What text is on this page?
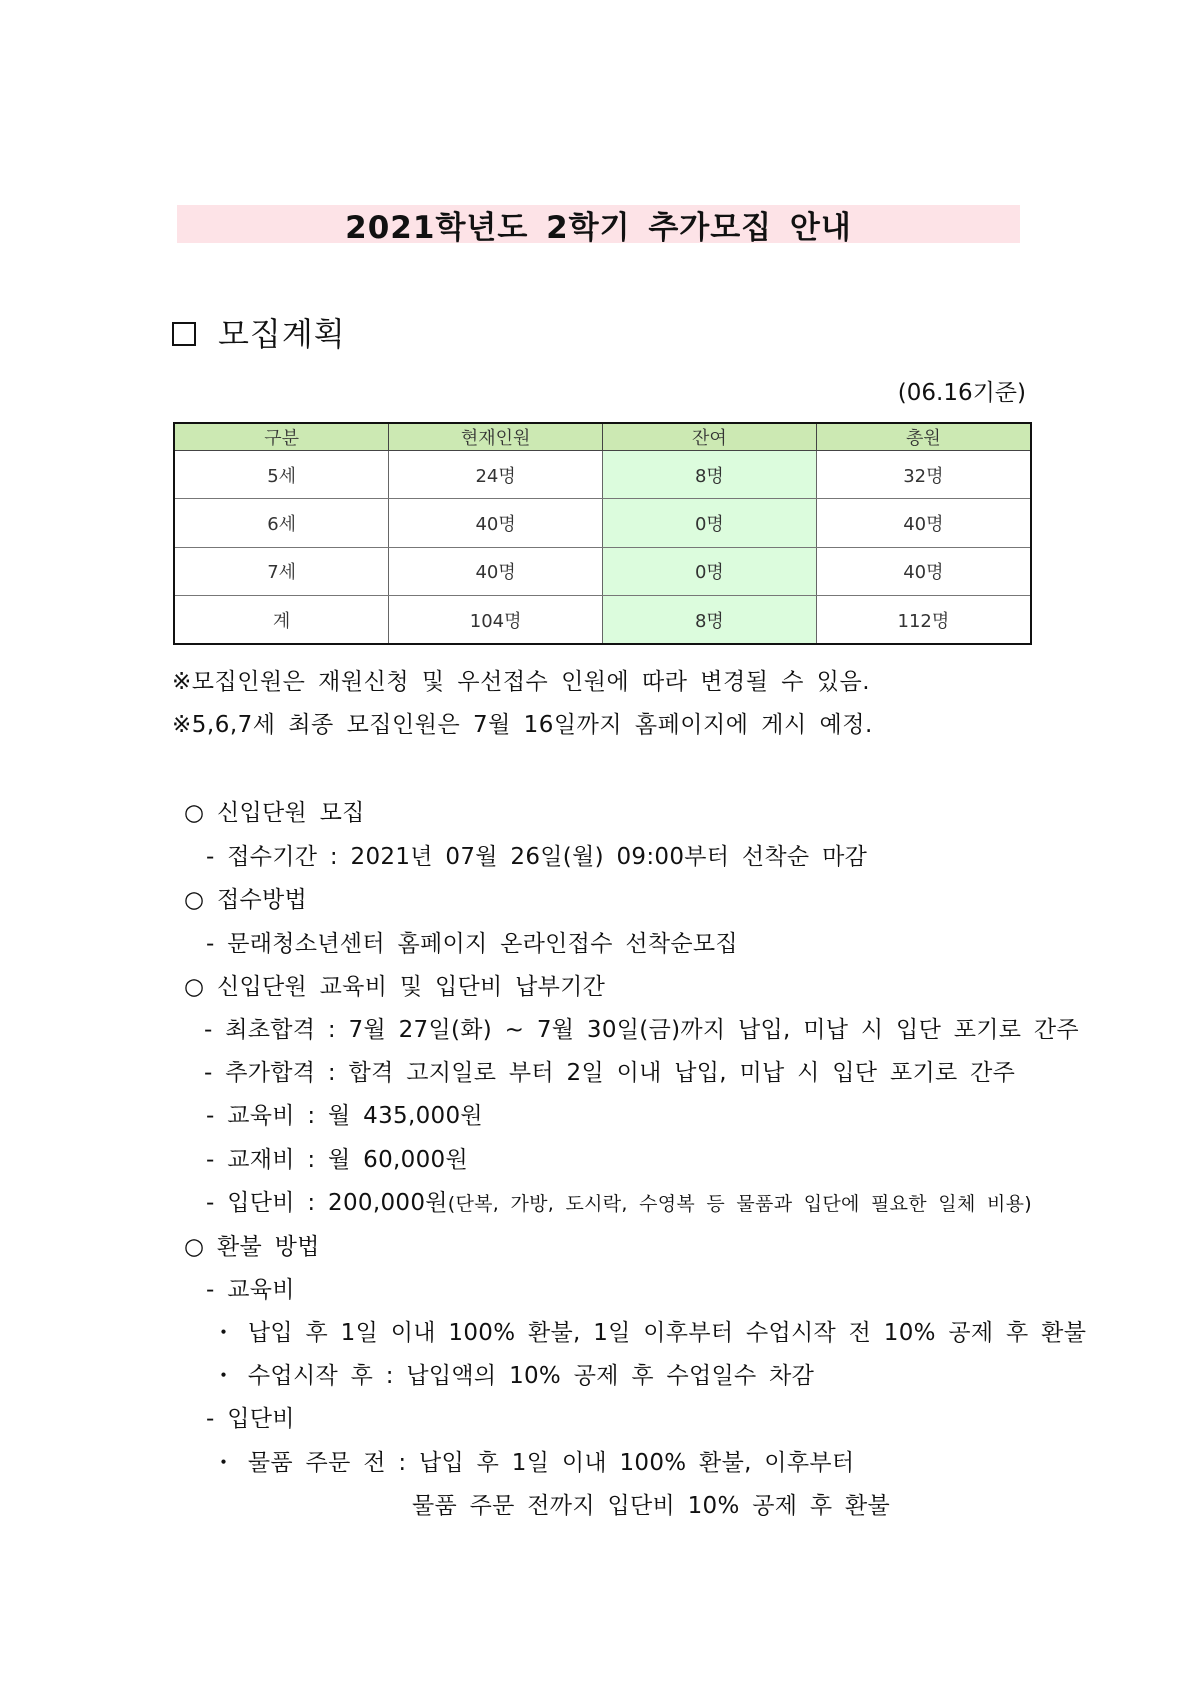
2021학년도 2학기 추가모집 안내
모집계획
(06.16기준)
구분	현재인원	잔여	총원
5세	24명	8명	32명
6세	40명	0명	40명
7세	40명	0명	40명
계	104명	8명	112명
※모집인원은 재원신청 및 우선접수 인원에 따라 변경될 수 있음.
※5,6,7세 최종 모집인원은 7월 16일까지 홈페이지에 게시 예정.
○ 신입단원 모집
- 접수기간 : 2021년 07월 26일(월) 09:00부터 선착순 마감
○ 접수방법
- 문래청소년센터 홈페이지 온라인접수 선착순모집
○ 신입단원 교육비 및 입단비 납부기간
- 최초합격 : 7월 27일(화) ~ 7월 30일(금)까지 납입, 미납 시 입단 포기로 간주
- 추가합격 : 합격 고지일로 부터 2일 이내 납입, 미납 시 입단 포기로 간주
- 교육비 : 월 435,000원
- 교재비 : 월 60,000원
- 입단비 : 200,000원(단복, 가방, 도시락, 수영복 등 물품과 입단에 필요한 일체 비용)
○ 환불 방법
- 교육비
・ 납입 후 1일 이내 100% 환불, 1일 이후부터 수업시작 전 10% 공제 후 환불
・ 수업시작 후 : 납입액의 10% 공제 후 수업일수 차감
- 입단비
・ 물품 주문 전 : 납입 후 1일 이내 100% 환불, 이후부터
물품 주문 전까지 입단비 10% 공제 후 환불
